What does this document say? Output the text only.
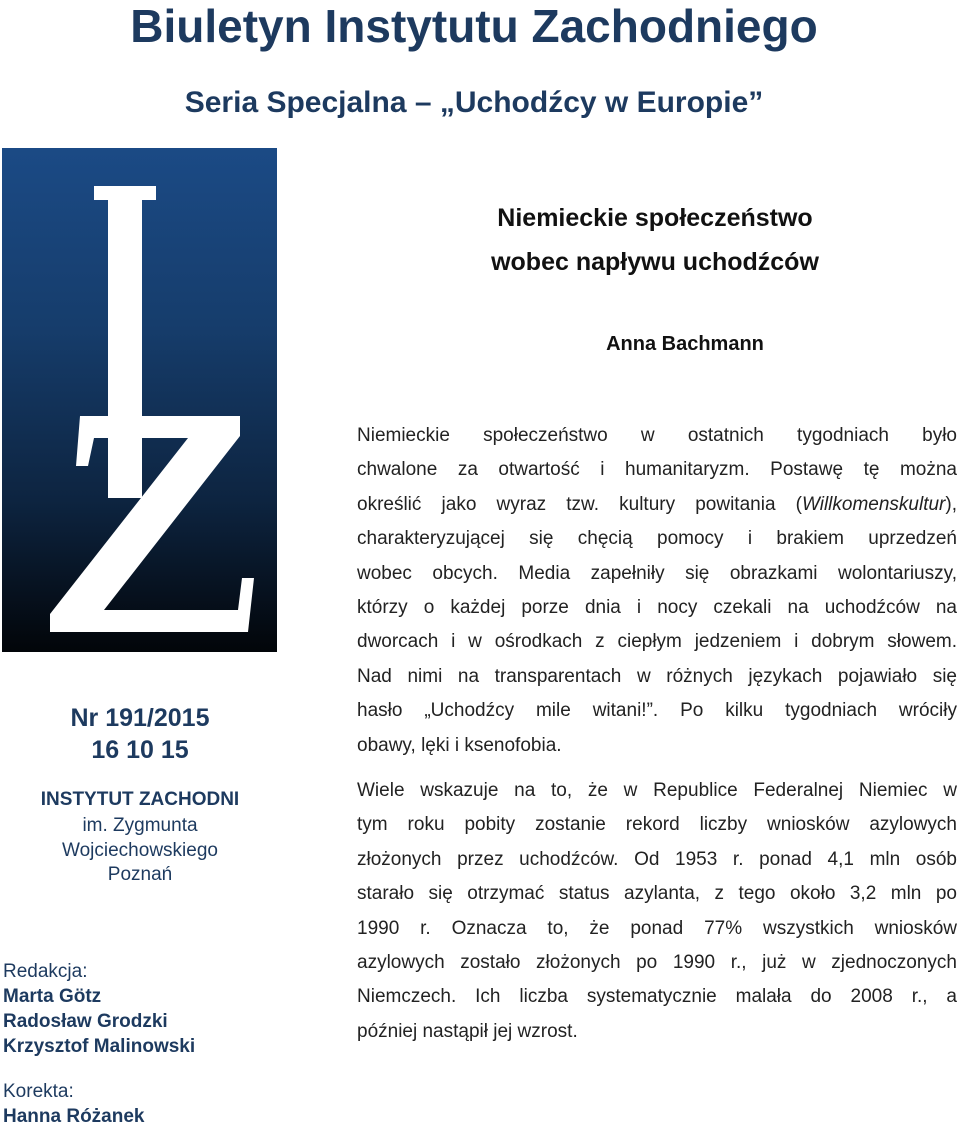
Biuletyn Instytutu Zachodniego
Seria Specjalna – „Uchodźcy w Europie”
Niemieckie społeczeństwo
wobec napływu uchodźców
Anna Bachmann
Nr 191/2015
16 10 15
INSTYTUT ZACHODNI
im. Zygmunta
Wojciechowskiego
Poznań
Redakcja:
Marta Götz
Radosław Grodzki
Krzysztof Malinowski
Korekta:
Hanna Różanek
Niemieckie społeczeństwo w ostatnich tygodniach było
chwalone za otwartość i humanitaryzm. Postawę tę można
określić jako wyraz tzw. kultury powitania (Willkomenskultur),
charakteryzującej się chęcią pomocy i brakiem uprzedzeń
wobec obcych. Media zapełniły się obrazkami wolontariuszy,
którzy o każdej porze dnia i nocy czekali na uchodźców na
dworcach i w ośrodkach z ciepłym jedzeniem i dobrym słowem.
Nad nimi na transparentach w różnych językach pojawiało się
hasło „Uchodźcy mile witani!”. Po kilku tygodniach wróciły
obawy, lęki i ksenofobia.
Wiele wskazuje na to, że w Republice Federalnej Niemiec w
tym roku pobity zostanie rekord liczby wniosków azylowych
złożonych przez uchodźców. Od 1953 r. ponad 4,1 mln osób
starało się otrzymać status azylanta, z tego około 3,2 mln po
1990 r. Oznacza to, że ponad 77% wszystkich wniosków
azylowych zostało złożonych po 1990 r., już w zjednoczonych
Niemczech. Ich liczba systematycznie malała do 2008 r., a
później nastąpił jej wzrost.
